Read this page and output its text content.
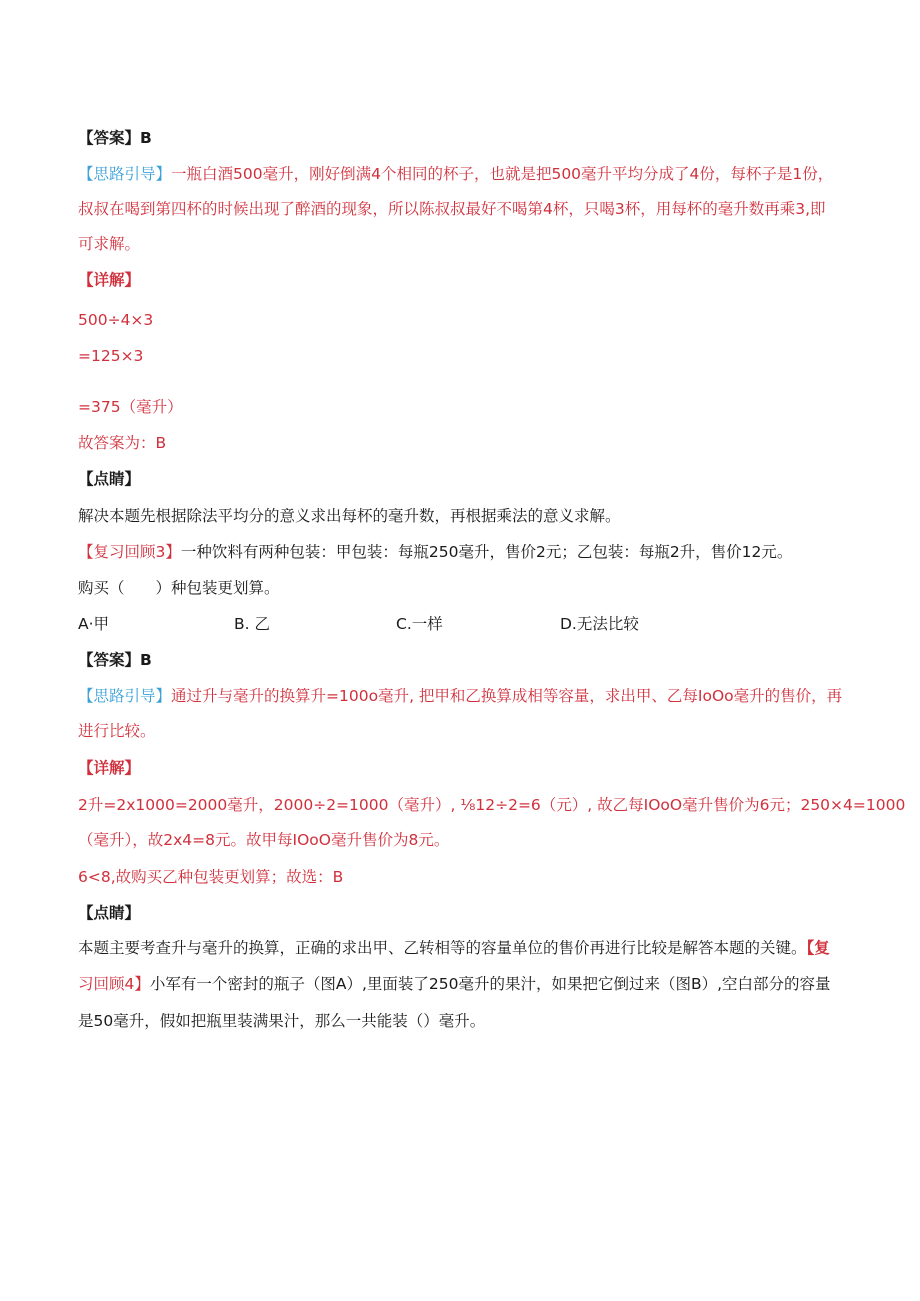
【答案】B
【思路引导】一瓶白酒500毫升，刚好倒满4个相同的杯子，也就是把500毫升平均分成了4份，每杯子是1份，
叔叔在喝到第四杯的时候出现了醉酒的现象，所以陈叔叔最好不喝第4杯，只喝3杯，用每杯的毫升数再乘3,即
可求解。
【详解】
500÷4×3
=125×3
=375（毫升）
故答案为：B
【点睛】
解决本题先根据除法平均分的意义求出每杯的毫升数，再根据乘法的意义求解。
【复习回顾3】一种饮料有两种包装：甲包装：每瓶250毫升，售价2元；乙包装：每瓶2升，售价12元。
购买（　　）种包装更划算。
A·甲	B. 乙	C.一样	D.无法比较
【答案】B
【思路引导】通过升与毫升的换算升=100o毫升, 把甲和乙换算成相等容量，求出甲、乙每IoOo毫升的售价，再
进行比较。
【详解】
2升=2x1000=2000毫升，2000÷2=1000（毫升）, ⅛12÷2=6（元）, 故乙每IOoO毫升售价为6元；250×4=1000
（毫升），故2x4=8元。故甲每IOoO毫升售价为8元。
6<8,故购买乙种包装更划算；故选：B
【点睛】
本题主要考查升与毫升的换算，正确的求出甲、乙转相等的容量单位的售价再进行比较是解答本题的关键。【复
习回顾4】小军有一个密封的瓶子（图A）,里面装了250毫升的果汁，如果把它倒过来（图B）,空白部分的容量
是50毫升，假如把瓶里装满果汁，那么一共能装（）毫升。
